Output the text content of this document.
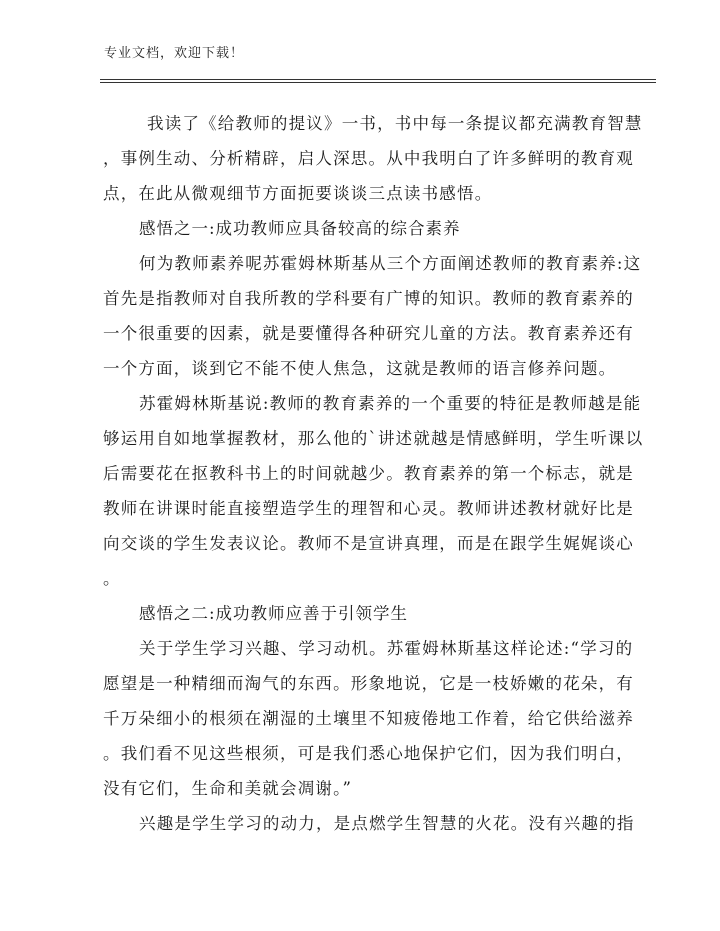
专业文档，欢迎下载！
我读了《给教师的提议》一书，书中每一条提议都充满教育智慧
，事例生动、分析精辟，启人深思。从中我明白了许多鲜明的教育观
点，在此从微观细节方面扼要谈谈三点读书感悟。
感悟之一:成功教师应具备较高的综合素养
何为教师素养呢苏霍姆林斯基从三个方面阐述教师的教育素养:这
首先是指教师对自我所教的学科要有广博的知识。教师的教育素养的
一个很重要的因素，就是要懂得各种研究儿童的方法。教育素养还有
一个方面，谈到它不能不使人焦急，这就是教师的语言修养问题。
苏霍姆林斯基说:教师的教育素养的一个重要的特征是教师越是能
够运用自如地掌握教材，那么他的`讲述就越是情感鲜明，学生听课以
后需要花在抠教科书上的时间就越少。教育素养的第一个标志，就是
教师在讲课时能直接塑造学生的理智和心灵。教师讲述教材就好比是
向交谈的学生发表议论。教师不是宣讲真理，而是在跟学生娓娓谈心
。
感悟之二:成功教师应善于引领学生
关于学生学习兴趣、学习动机。苏霍姆林斯基这样论述:“学习的
愿望是一种精细而淘气的东西。形象地说，它是一枝娇嫩的花朵，有
千万朵细小的根须在潮湿的土壤里不知疲倦地工作着，给它供给滋养
。我们看不见这些根须，可是我们悉心地保护它们，因为我们明白，
没有它们，生命和美就会凋谢。”
兴趣是学生学习的动力，是点燃学生智慧的火花。没有兴趣的指
